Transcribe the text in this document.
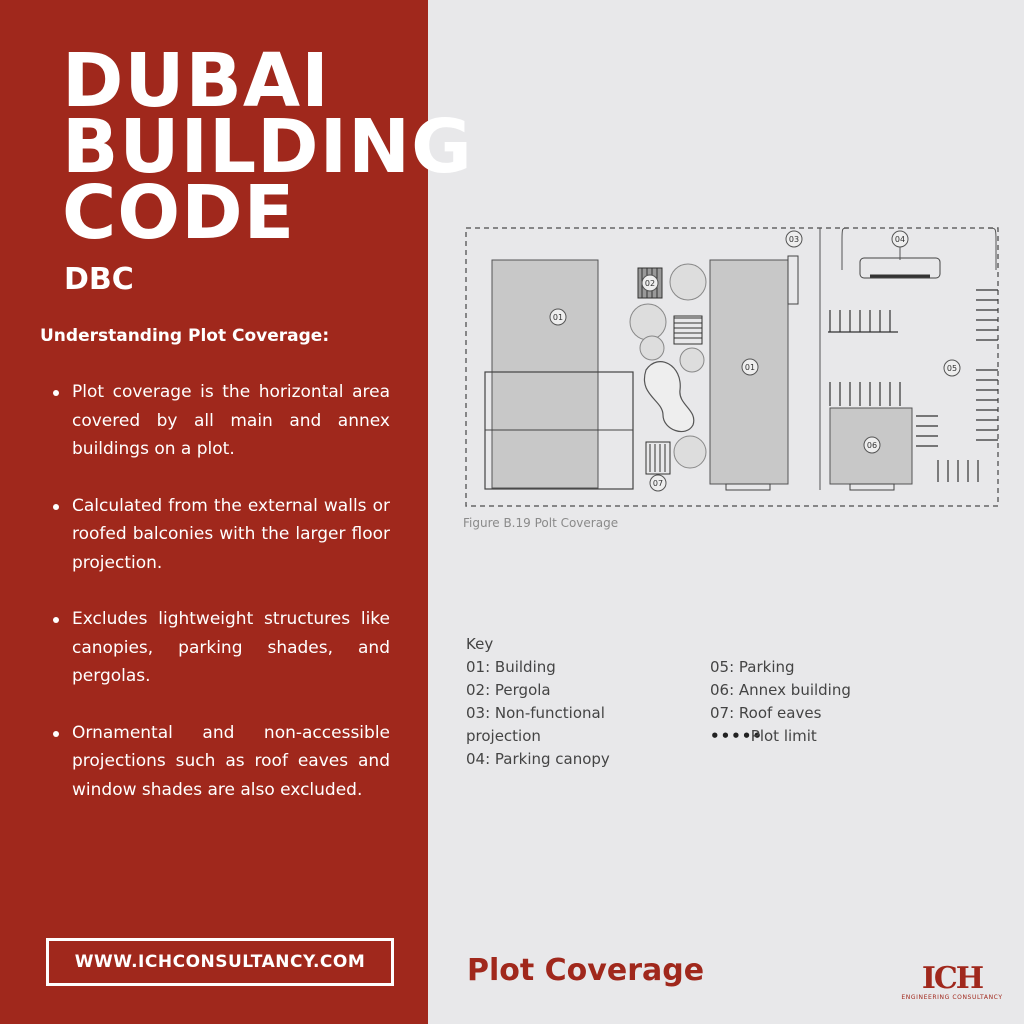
DUBAI
BUILDING
CODE
DBC
Understanding Plot Coverage:
Plot coverage is the horizontal area covered by all main and annex buildings on a plot.
Calculated from the external walls or roofed balconies with the larger floor projection.
Excludes lightweight structures like canopies, parking shades, and pergolas.
Ornamental and non-accessible projections such as roof eaves and window shades are also excluded.
WWW.ICHCONSULTANCY.COM
01
01
02
03	04
05
06
07
Figure B.19 Polt Coverage
Key
01: Building
02: Pergola
03: Non-functional
projection
04: Parking canopy
05: Parking
06: Annex building
07: Roof eaves
••••• Plot limit
Plot Coverage	ICH
ENGINEERING CONSULTANCY
